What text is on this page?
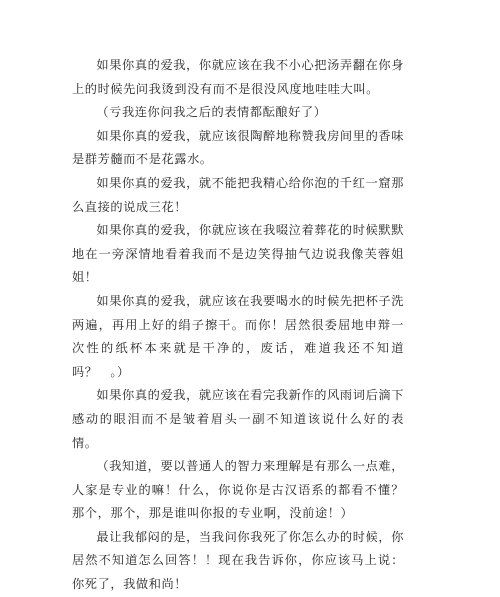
如果你真的爱我，你就应该在我不小心把汤弄翻在你身上的时候先问我烫到没有而不是很没风度地哇哇大叫。

（亏我连你问我之后的表情都酝酿好了）

如果你真的爱我，就应该很陶醉地称赞我房间里的香味是群芳髓而不是花露水。

如果你真的爱我，就不能把我精心给你泡的千红一窟那么直接的说成三花！

如果你真的爱我，你就应该在我啜泣着葬花的时候默默地在一旁深情地看着我而不是边笑得抽气边说我像芙蓉姐姐！

如果你真的爱我，就应该在我要喝水的时候先把杯子洗两遍，再用上好的绢子擦干。而你！居然很委屈地申辩一次性的纸杯本来就是干净的，废话，难道我还不知道吗？　。）

如果你真的爱我，就应该在看完我新作的风雨词后滴下感动的眼泪而不是皱着眉头一副不知道该说什么好的表情。

（我知道，要以普通人的智力来理解是有那么一点难，人家是专业的嘛！什么，你说你是古汉语系的都看不懂？那个，那个，那是谁叫你报的专业啊，没前途！）

最让我郁闷的是，当我问你我死了你怎么办的时候，你居然不知道怎么回答！！现在我告诉你，你应该马上说：你死了，我做和尚！
